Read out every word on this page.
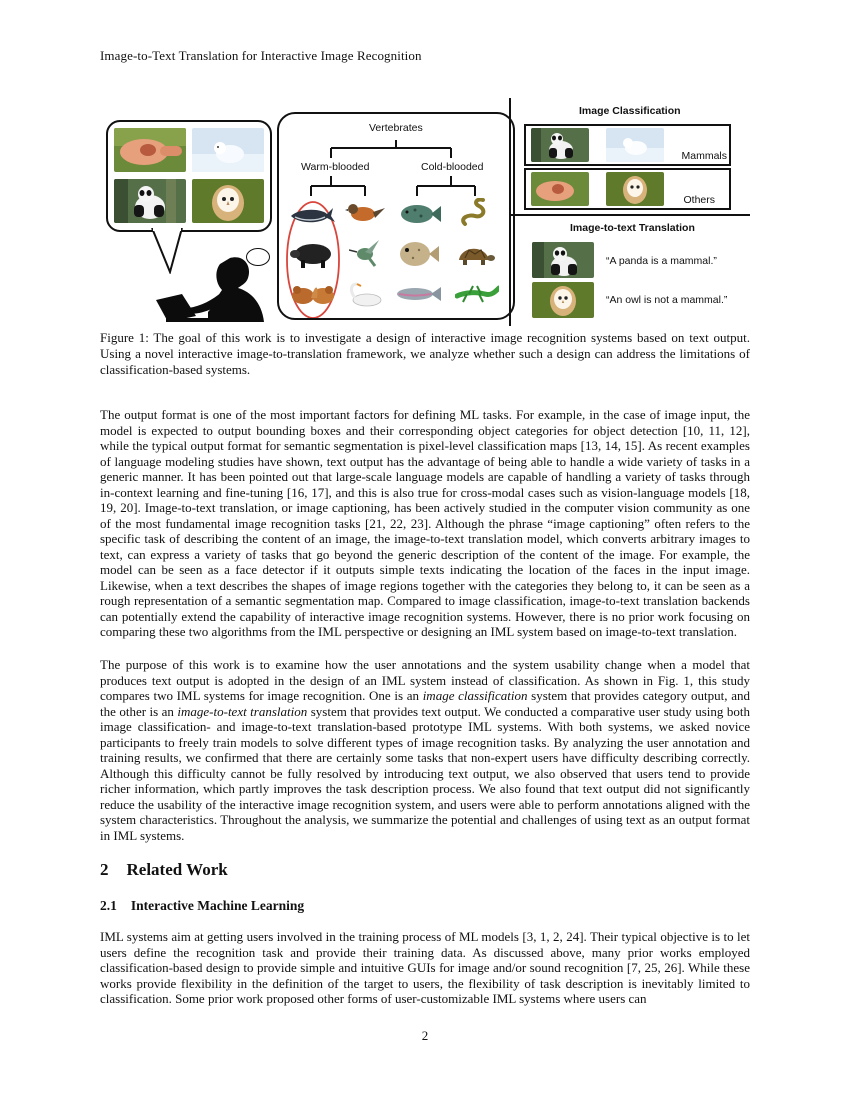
Image-to-Text Translation for Interactive Image Recognition
Vertebrates
Warm-blooded	Cold-blooded
Image Classification
Mammals
Others
Image-to-text Translation
“A panda is a mammal.”
“An owl is not a mammal.”
Figure 1: The goal of this work is to investigate a design of interactive image recognition systems based on text output. Using a novel interactive image-to-translation framework, we analyze whether such a design can address the limitations of classification-based systems.
The output format is one of the most important factors for defining ML tasks. For example, in the case of image input, the model is expected to output bounding boxes and their corresponding object categories for object detection [10, 11, 12], while the typical output format for semantic segmentation is pixel-level classification maps [13, 14, 15]. As recent examples of language modeling studies have shown, text output has the advantage of being able to handle a wide variety of tasks in a generic manner. It has been pointed out that large-scale language models are capable of handling a variety of tasks through in-context learning and fine-tuning [16, 17], and this is also true for cross-modal cases such as vision-language models [18, 19, 20]. Image-to-text translation, or image captioning, has been actively studied in the computer vision community as one of the most fundamental image recognition tasks [21, 22, 23]. Although the phrase “image captioning” often refers to the specific task of describing the content of an image, the image-to-text translation model, which converts arbitrary images to text, can express a variety of tasks that go beyond the generic description of the content of the image. For example, the model can be seen as a face detector if it outputs simple texts indicating the location of the faces in the input image. Likewise, when a text describes the shapes of image regions together with the categories they belong to, it can be seen as a rough representation of a semantic segmentation map. Compared to image classification, image-to-text translation backends can potentially extend the capability of interactive image recognition systems. However, there is no prior work focusing on comparing these two algorithms from the IML perspective or designing an IML system based on image-to-text translation.
The purpose of this work is to examine how the user annotations and the system usability change when a model that produces text output is adopted in the design of an IML system instead of classification. As shown in Fig. 1, this study compares two IML systems for image recognition. One is an image classification system that provides category output, and the other is an image-to-text translation system that provides text output. We conducted a comparative user study using both image classification- and image-to-text translation-based prototype IML systems. With both systems, we asked novice participants to freely train models to solve different types of image recognition tasks. By analyzing the user annotation and training results, we confirmed that there are certainly some tasks that non-expert users have difficulty describing correctly. Although this difficulty cannot be fully resolved by introducing text output, we also observed that users tend to provide richer information, which partly improves the task description process. We also found that text output did not significantly reduce the usability of the interactive image recognition system, and users were able to perform annotations aligned with the system characteristics. Throughout the analysis, we summarize the potential and challenges of using text as an output format in IML systems.
2 Related Work
2.1 Interactive Machine Learning
IML systems aim at getting users involved in the training process of ML models [3, 1, 2, 24]. Their typical objective is to let users define the recognition task and provide their training data. As discussed above, many prior works employed classification-based design to provide simple and intuitive GUIs for image and/or sound recognition [7, 25, 26]. While these works provide flexibility in the definition of the target to users, the flexibility of task description is inevitably limited to classification. Some prior work proposed other forms of user-customizable IML systems where users can
2
